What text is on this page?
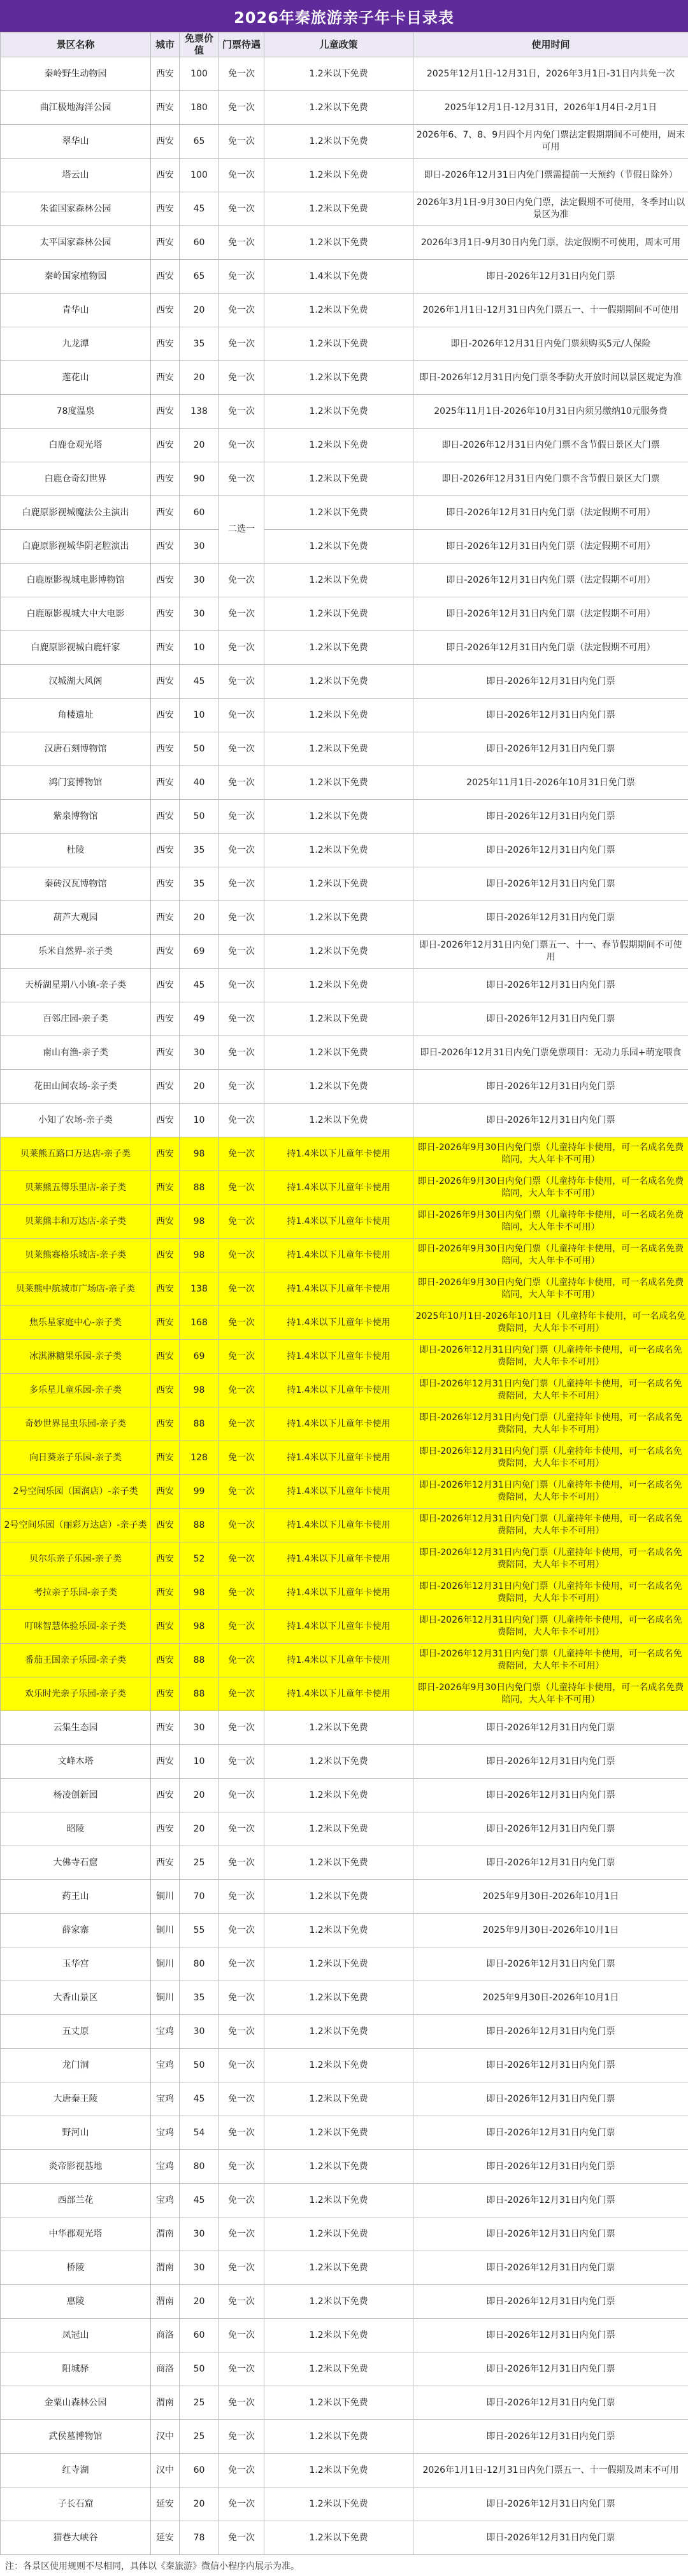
2026年秦旅游亲子年卡目录表
景区名称	城市	免票价值	门票待遇	儿童政策	使用时间
秦岭野生动物园	西安	100	免一次	1.2米以下免费	2025年12月1日-12月31日，2026年3月1日-31日内共免一次
曲江极地海洋公园	西安	180	免一次	1.2米以下免费	2025年12月1日-12月31日，2026年1月4日-2月1日
翠华山	西安	65	免一次	1.2米以下免费	2026年6、7、8、9月四个月内免门票法定假期期间不可使用，周末可用
塔云山	西安	100	免一次	1.2米以下免费	即日-2026年12月31日内免门票需提前一天预约（节假日除外）
朱雀国家森林公园	西安	45	免一次	1.2米以下免费	2026年3月1日-9月30日内免门票，法定假期不可使用，冬季封山以景区为准
太平国家森林公园	西安	60	免一次	1.2米以下免费	2026年3月1日-9月30日内免门票，法定假期不可使用，周末可用
秦岭国家植物园	西安	65	免一次	1.4米以下免费	即日-2026年12月31日内免门票
青华山	西安	20	免一次	1.2米以下免费	2026年1月1日-12月31日内免门票五一、十一假期期间不可使用
九龙潭	西安	35	免一次	1.2米以下免费	即日-2026年12月31日内免门票须购买5元/人保险
莲花山	西安	20	免一次	1.2米以下免费	即日-2026年12月31日内免门票冬季防火开放时间以景区规定为准
78度温泉	西安	138	免一次	1.2米以下免费	2025年11月1日-2026年10月31日内须另缴纳10元服务费
白鹿仓观光塔	西安	20	免一次	1.2米以下免费	即日-2026年12月31日内免门票不含节假日景区大门票
白鹿仓奇幻世界	西安	90	免一次	1.2米以下免费	即日-2026年12月31日内免门票不含节假日景区大门票
白鹿原影视城魔法公主演出	西安	60	二选一	1.2米以下免费	即日-2026年12月31日内免门票（法定假期不可用）
白鹿原影视城华阴老腔演出	西安	30		1.2米以下免费	即日-2026年12月31日内免门票（法定假期不可用）
白鹿原影视城电影博物馆	西安	30	免一次	1.2米以下免费	即日-2026年12月31日内免门票（法定假期不可用）
白鹿原影视城大中大电影	西安	30	免一次	1.2米以下免费	即日-2026年12月31日内免门票（法定假期不可用）
白鹿原影视城白鹿轩家	西安	10	免一次	1.2米以下免费	即日-2026年12月31日内免门票（法定假期不可用）
汉城湖大风阁	西安	45	免一次	1.2米以下免费	即日-2026年12月31日内免门票
角楼遗址	西安	10	免一次	1.2米以下免费	即日-2026年12月31日内免门票
汉唐石刻博物馆	西安	50	免一次	1.2米以下免费	即日-2026年12月31日内免门票
鸿门宴博物馆	西安	40	免一次	1.2米以下免费	2025年11月1日-2026年10月31日免门票
紫泉博物馆	西安	50	免一次	1.2米以下免费	即日-2026年12月31日内免门票
杜陵	西安	35	免一次	1.2米以下免费	即日-2026年12月31日内免门票
秦砖汉瓦博物馆	西安	35	免一次	1.2米以下免费	即日-2026年12月31日内免门票
葫芦大观园	西安	20	免一次	1.2米以下免费	即日-2026年12月31日内免门票
乐米自然界-亲子类	西安	69	免一次	1.2米以下免费	即日-2026年12月31日内免门票五一、十一、春节假期期间不可使用
天桥湖星期八小镇-亲子类	西安	45	免一次	1.2米以下免费	即日-2026年12月31日内免门票
百邻庄园-亲子类	西安	49	免一次	1.2米以下免费	即日-2026年12月31日内免门票
南山有渔-亲子类	西安	30	免一次	1.2米以下免费	即日-2026年12月31日内免门票免票项目：无动力乐园+萌宠喂食
花田山间农场-亲子类	西安	20	免一次	1.2米以下免费	即日-2026年12月31日内免门票
小知了农场-亲子类	西安	10	免一次	1.2米以下免费	即日-2026年12月31日内免门票
贝莱熊五路口万达店-亲子类	西安	98	免一次	持1.4米以下儿童年卡使用	即日-2026年9月30日内免门票（儿童持年卡使用，可一名成名免费陪同，大人年卡不可用）
贝莱熊五傅乐里店-亲子类	西安	88	免一次	持1.4米以下儿童年卡使用	即日-2026年9月30日内免门票（儿童持年卡使用，可一名成名免费陪同，大人年卡不可用）
贝莱熊丰和万达店-亲子类	西安	98	免一次	持1.4米以下儿童年卡使用	即日-2026年9月30日内免门票（儿童持年卡使用，可一名成名免费陪同，大人年卡不可用）
贝莱熊赛格乐城店-亲子类	西安	98	免一次	持1.4米以下儿童年卡使用	即日-2026年9月30日内免门票（儿童持年卡使用，可一名成名免费陪同，大人年卡不可用）
贝莱熊中航城市广场店-亲子类	西安	138	免一次	持1.4米以下儿童年卡使用	即日-2026年9月30日内免门票（儿童持年卡使用，可一名成名免费陪同，大人年卡不可用）
焦乐星家庭中心-亲子类	西安	168	免一次	持1.4米以下儿童年卡使用	2025年10月1日-2026年10月1日（儿童持年卡使用，可一名成名免费陪同，大人年卡不可用）
冰淇淋糖果乐园-亲子类	西安	69	免一次	持1.4米以下儿童年卡使用	即日-2026年12月31日内免门票（儿童持年卡使用，可一名成名免费陪同，大人年卡不可用）
多乐星儿童乐园-亲子类	西安	98	免一次	持1.4米以下儿童年卡使用	即日-2026年12月31日内免门票（儿童持年卡使用，可一名成名免费陪同，大人年卡不可用）
奇妙世界昆虫乐园-亲子类	西安	88	免一次	持1.4米以下儿童年卡使用	即日-2026年12月31日内免门票（儿童持年卡使用，可一名成名免费陪同，大人年卡不可用）
向日葵亲子乐园-亲子类	西安	128	免一次	持1.4米以下儿童年卡使用	即日-2026年12月31日内免门票（儿童持年卡使用，可一名成名免费陪同，大人年卡不可用）
2号空间乐园（国润店）-亲子类	西安	99	免一次	持1.4米以下儿童年卡使用	即日-2026年12月31日内免门票（儿童持年卡使用，可一名成名免费陪同，大人年卡不可用）
2号空间乐园（丽彩万达店）-亲子类	西安	88	免一次	持1.4米以下儿童年卡使用	即日-2026年12月31日内免门票（儿童持年卡使用，可一名成名免费陪同，大人年卡不可用）
贝尔乐亲子乐园-亲子类	西安	52	免一次	持1.4米以下儿童年卡使用	即日-2026年12月31日内免门票（儿童持年卡使用，可一名成名免费陪同，大人年卡不可用）
考拉亲子乐园-亲子类	西安	98	免一次	持1.4米以下儿童年卡使用	即日-2026年12月31日内免门票（儿童持年卡使用，可一名成名免费陪同，大人年卡不可用）
叮咪智慧体验乐园-亲子类	西安	98	免一次	持1.4米以下儿童年卡使用	即日-2026年12月31日内免门票（儿童持年卡使用，可一名成名免费陪同，大人年卡不可用）
番茄王国亲子乐园-亲子类	西安	88	免一次	持1.4米以下儿童年卡使用	即日-2026年12月31日内免门票（儿童持年卡使用，可一名成名免费陪同，大人年卡不可用）
欢乐时光亲子乐园-亲子类	西安	88	免一次	持1.4米以下儿童年卡使用	即日-2026年9月30日内免门票（儿童持年卡使用，可一名成名免费陪同，大人年卡不可用）
云集生态园	西安	30	免一次	1.2米以下免费	即日-2026年12月31日内免门票
文峰木塔	西安	10	免一次	1.2米以下免费	即日-2026年12月31日内免门票
杨凌创新园	西安	20	免一次	1.2米以下免费	即日-2026年12月31日内免门票
昭陵	西安	20	免一次	1.2米以下免费	即日-2026年12月31日内免门票
大佛寺石窟	西安	25	免一次	1.2米以下免费	即日-2026年12月31日内免门票
药王山	铜川	70	免一次	1.2米以下免费	2025年9月30日-2026年10月1日
薛家寨	铜川	55	免一次	1.2米以下免费	2025年9月30日-2026年10月1日
玉华宫	铜川	80	免一次	1.2米以下免费	即日-2026年12月31日内免门票
大香山景区	铜川	35	免一次	1.2米以下免费	2025年9月30日-2026年10月1日
五丈原	宝鸡	30	免一次	1.2米以下免费	即日-2026年12月31日内免门票
龙门洞	宝鸡	50	免一次	1.2米以下免费	即日-2026年12月31日内免门票
大唐秦王陵	宝鸡	45	免一次	1.2米以下免费	即日-2026年12月31日内免门票
野河山	宝鸡	54	免一次	1.2米以下免费	即日-2026年12月31日内免门票
炎帝影视基地	宝鸡	80	免一次	1.2米以下免费	即日-2026年12月31日内免门票
西部兰花	宝鸡	45	免一次	1.2米以下免费	即日-2026年12月31日内免门票
中华郡观光塔	渭南	30	免一次	1.2米以下免费	即日-2026年12月31日内免门票
桥陵	渭南	30	免一次	1.2米以下免费	即日-2026年12月31日内免门票
惠陵	渭南	20	免一次	1.2米以下免费	即日-2026年12月31日内免门票
凤冠山	商洛	60	免一次	1.2米以下免费	即日-2026年12月31日内免门票
阳城驿	商洛	50	免一次	1.2米以下免费	即日-2026年12月31日内免门票
金粟山森林公园	渭南	25	免一次	1.2米以下免费	即日-2026年12月31日内免门票
武侯墓博物馆	汉中	25	免一次	1.2米以下免费	即日-2026年12月31日内免门票
红寺湖	汉中	60	免一次	1.2米以下免费	2026年1月1日-12月31日内免门票五一、十一假期及周末不可用
子长石窟	延安	20	免一次	1.2米以下免费	即日-2026年12月31日内免门票
猫巷大峡谷	延安	78	免一次	1.2米以下免费	即日-2026年12月31日内免门票
注：各景区使用规则不尽相同，具体以《秦旅游》微信小程序内展示为准。
